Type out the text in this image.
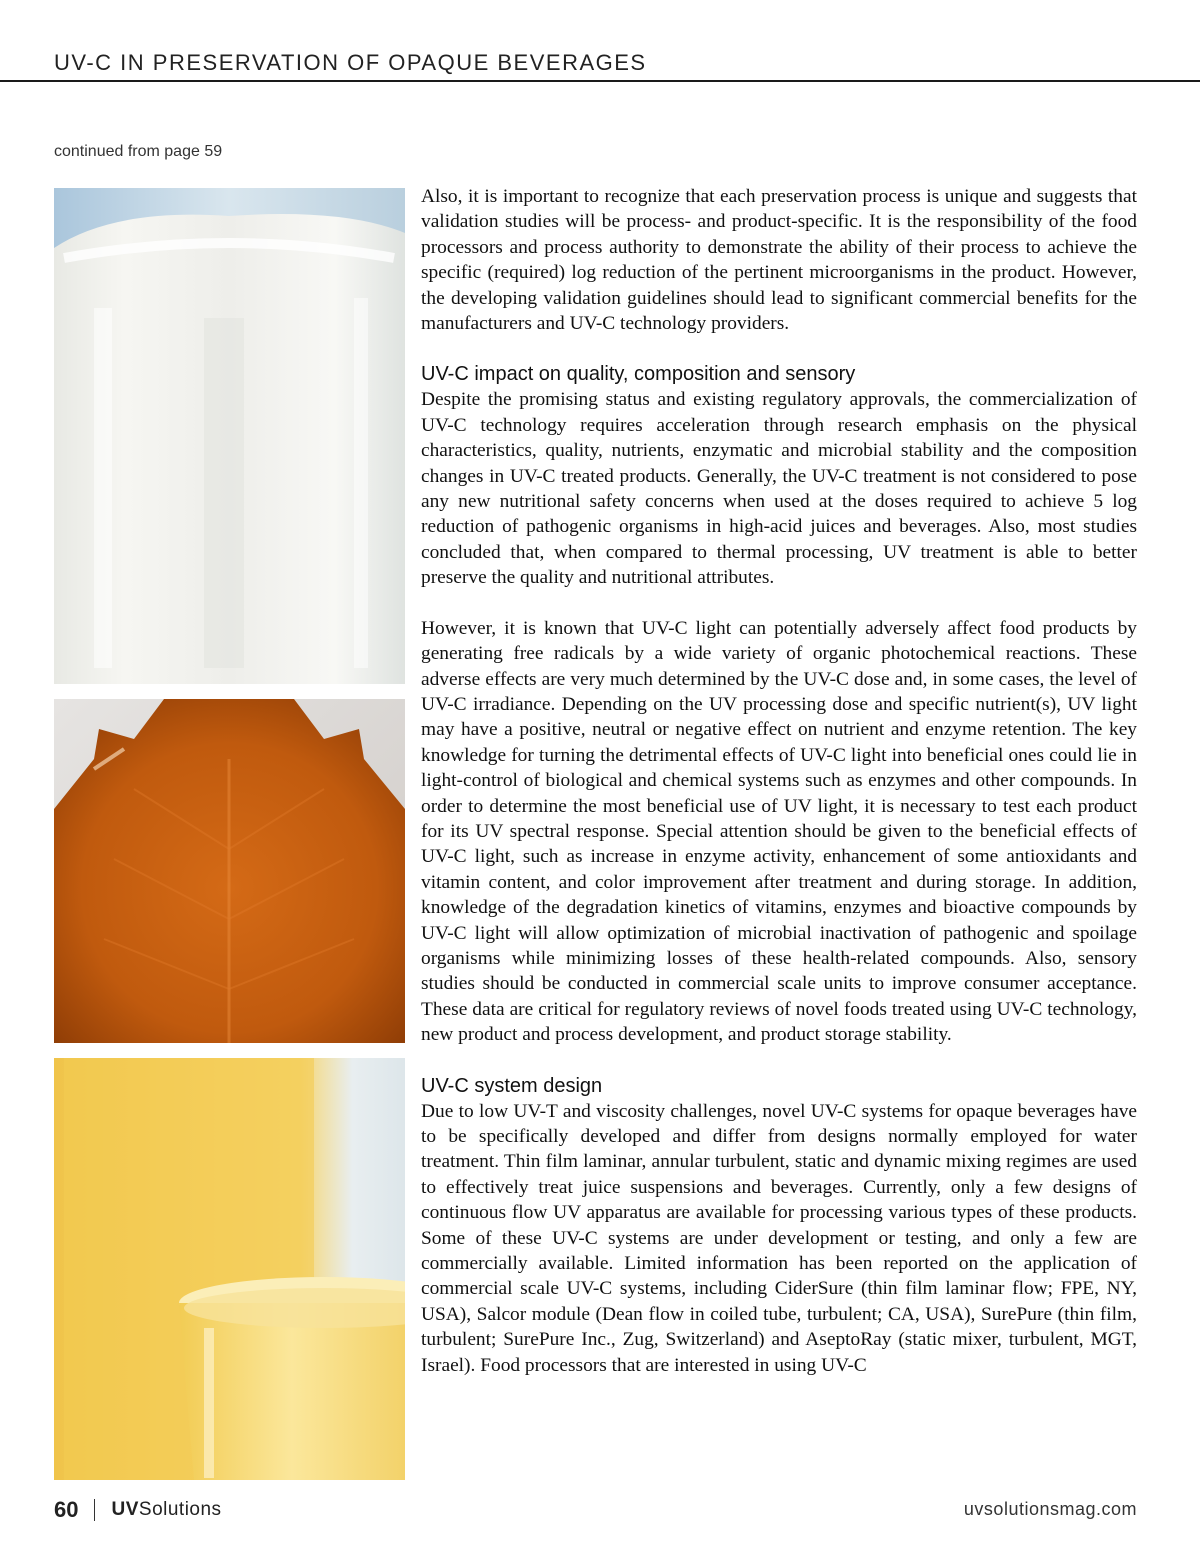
UV-C IN PRESERVATION OF OPAQUE BEVERAGES
continued from page 59

Also, it is important to recognize that each preservation process is unique and suggests that validation studies will be process- and product-specific. It is the responsibility of the food processors and process authority to demonstrate the ability of their process to achieve the specific (required) log reduction of the pertinent microorganisms in the product. However, the developing validation guidelines should lead to significant commercial benefits for the manufacturers and UV-C technology providers.

UV-C impact on quality, composition and sensory

Despite the promising status and existing regulatory approvals, the commercialization of UV-C technology requires acceleration through research emphasis on the physical characteristics, quality, nutrients, enzymatic and microbial stability and the composition changes in UV-C treated products. Generally, the UV-C treatment is not considered to pose any new nutritional safety concerns when used at the doses required to achieve 5 log reduction of pathogenic organisms in high-acid juices and beverages. Also, most studies concluded that, when compared to thermal processing, UV treatment is able to better preserve the quality and nutritional attributes.

However, it is known that UV-C light can potentially adversely affect food products by generating free radicals by a wide variety of organic photochemical reactions. These adverse effects are very much determined by the UV-C dose and, in some cases, the level of UV-C irradiance. Depending on the UV processing dose and specific nutrient(s), UV light may have a positive, neutral or negative effect on nutrient and enzyme retention. The key knowledge for turning the detrimental effects of UV-C light into beneficial ones could lie in light-control of biological and chemical systems such as enzymes and other compounds. In order to determine the most beneficial use of UV light, it is necessary to test each product for its UV spectral response. Special attention should be given to the beneficial effects of UV-C light, such as increase in enzyme activity, enhancement of some antioxidants and vitamin content, and color improvement after treatment and during storage. In addition, knowledge of the degradation kinetics of vitamins, enzymes and bioactive compounds by UV-C light will allow optimization of microbial inactivation of pathogenic and spoilage organisms while minimizing losses of these health-related compounds. Also, sensory studies should be conducted in commercial scale units to improve consumer acceptance. These data are critical for regulatory reviews of novel foods treated using UV-C technology, new product and process development, and product storage stability.

UV-C system design

Due to low UV-T and viscosity challenges, novel UV-C systems for opaque beverages have to be specifically developed and differ from designs normally employed for water treatment. Thin film laminar, annular turbulent, static and dynamic mixing regimes are used to effectively treat juice suspensions and beverages. Currently, only a few designs of continuous flow UV apparatus are available for processing various types of these products. Some of these UV-C systems are under development or testing, and only a few are commercially available. Limited information has been reported on the application of commercial scale UV-C systems, including CiderSure (thin film laminar flow; FPE, NY, USA), Salcor module (Dean flow in coiled tube, turbulent; CA, USA), SurePure (thin film, turbulent; SurePure Inc., Zug, Switzerland) and AseptoRay (static mixer, turbulent, MGT, Israel). Food processors that are interested in using UV-C

60 UV Solutions	uvsolutionsmag.com
